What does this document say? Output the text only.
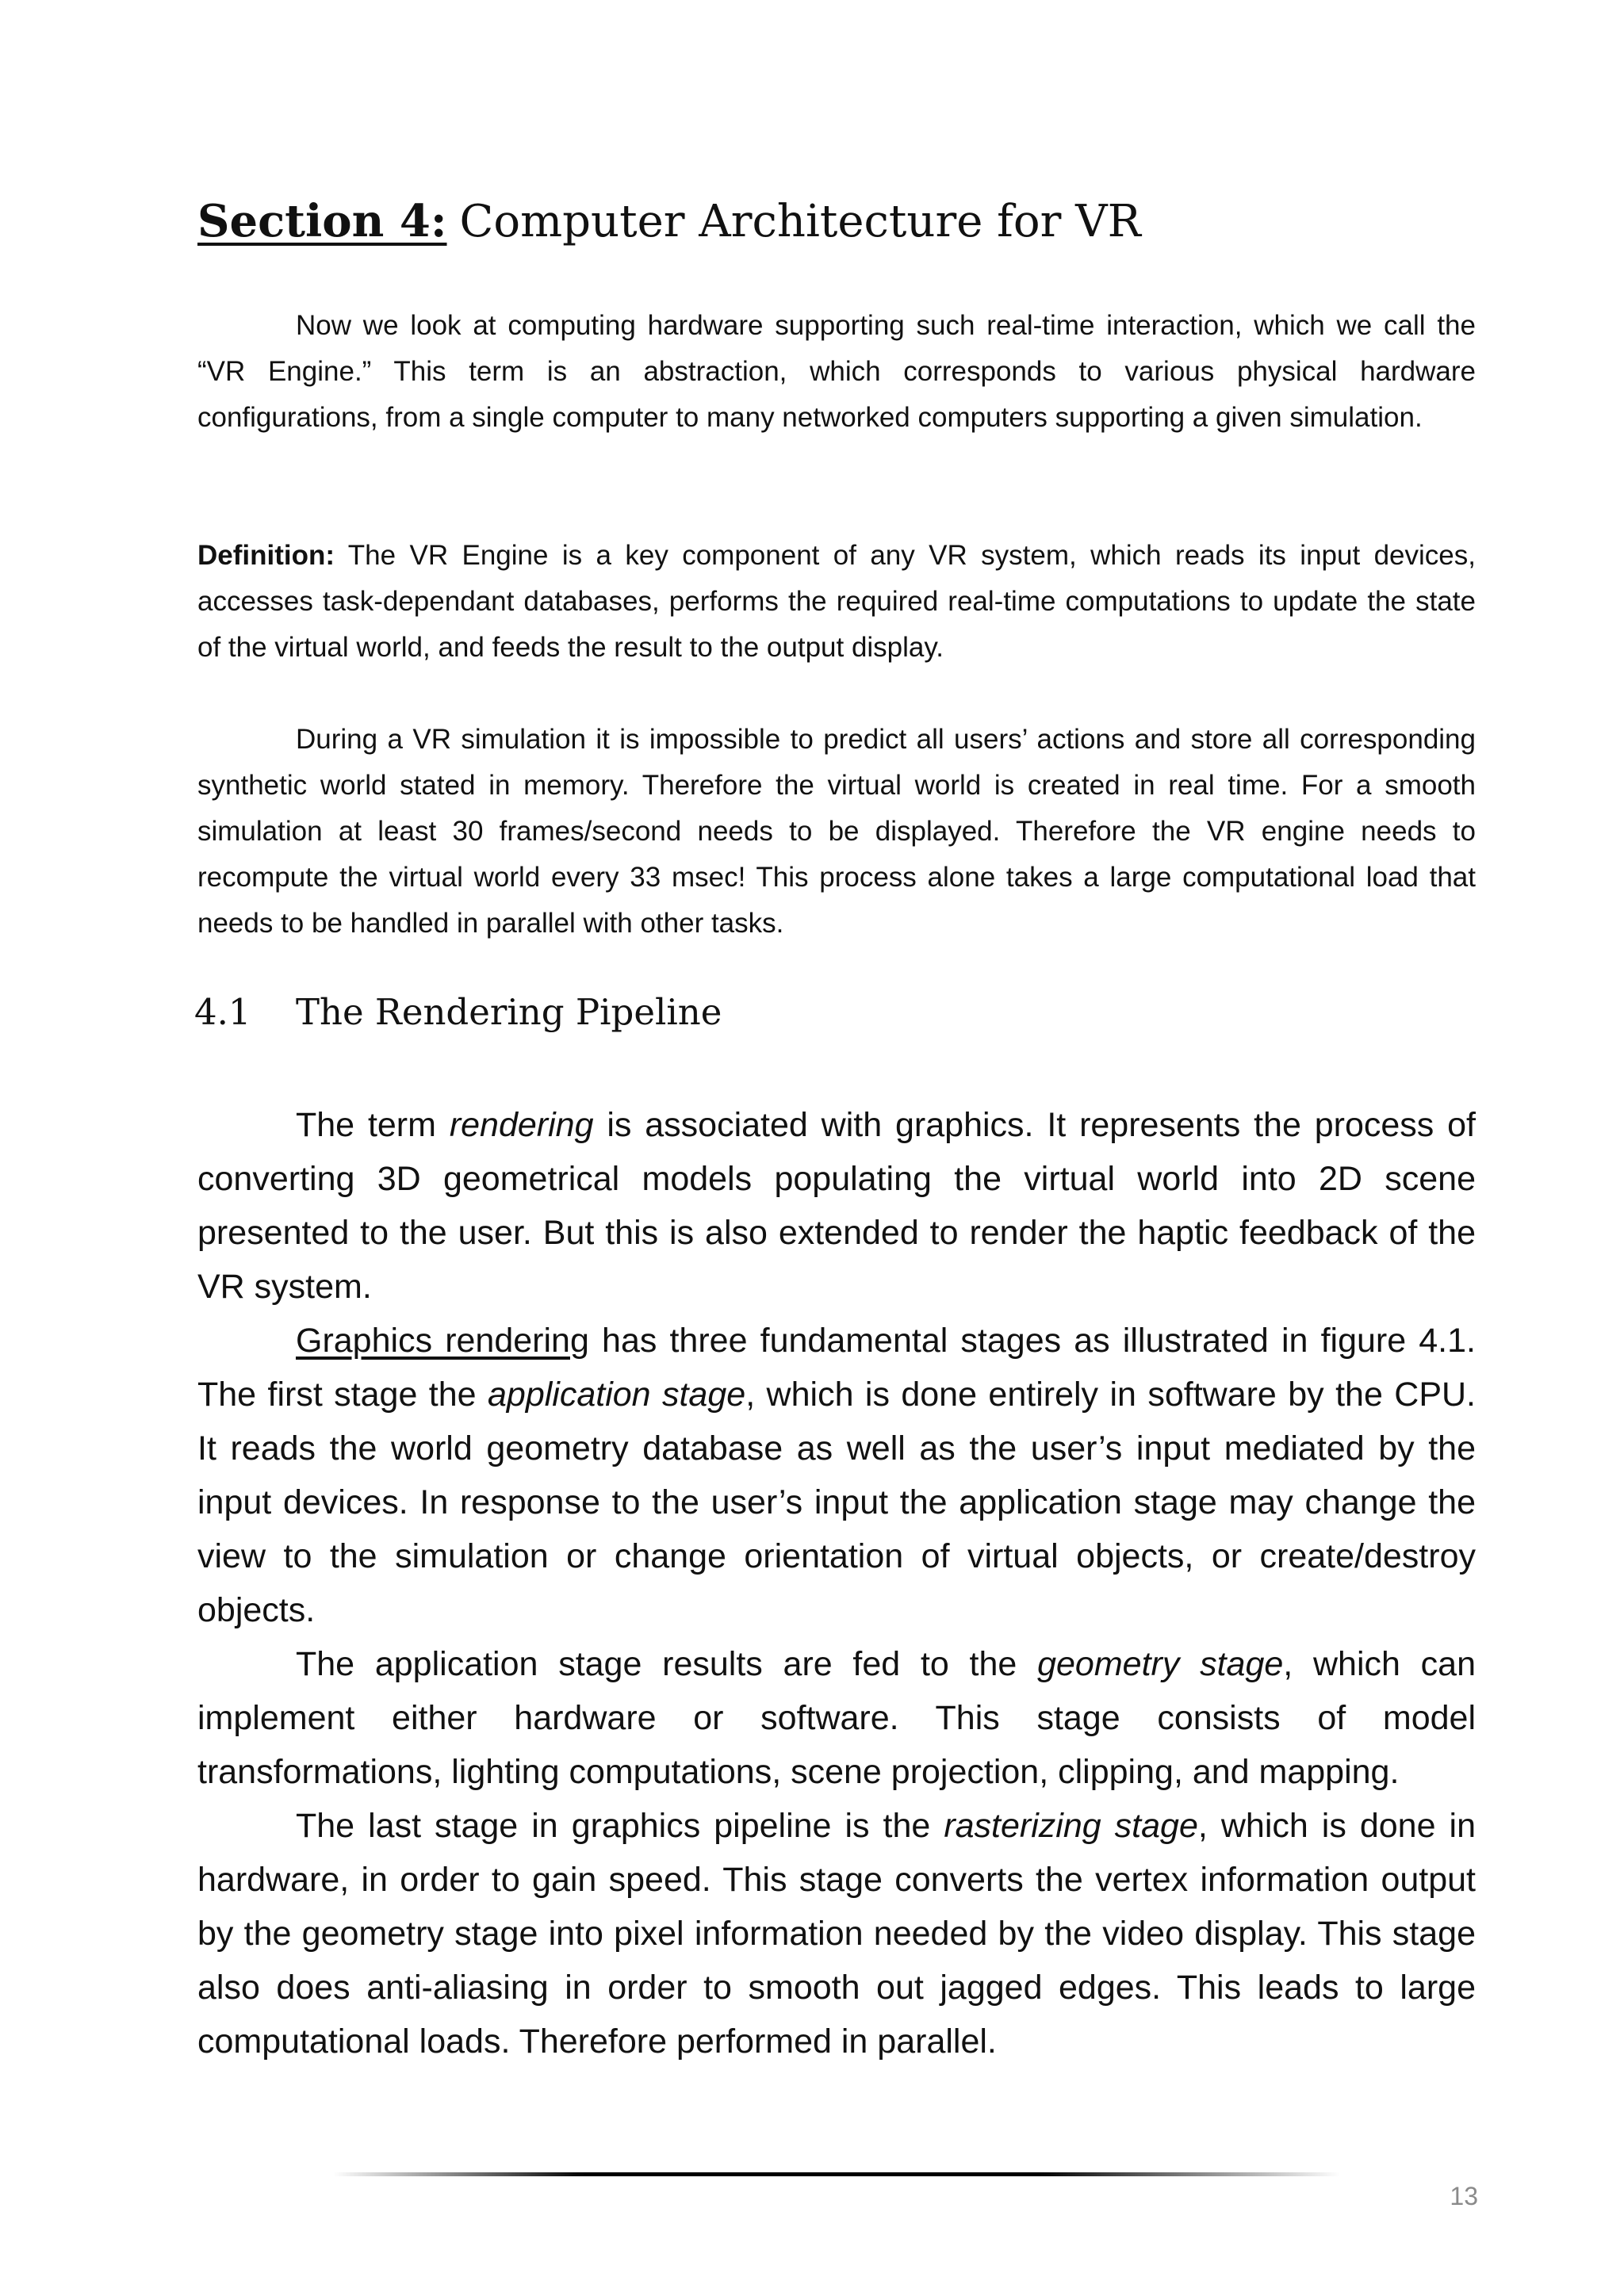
Section 4: Computer Architecture for VR

Now we look at computing hardware supporting such real-time interaction, which we call the “VR Engine.” This term is an abstraction, which corresponds to various physical hardware configurations, from a single computer to many networked computers supporting a given simulation.

Definition: The VR Engine is a key component of any VR system, which reads its input devices, accesses task-dependant databases, performs the required real-time computations to update the state of the virtual world, and feeds the result to the output display.

During a VR simulation it is impossible to predict all users’ actions and store all corresponding synthetic world stated in memory. Therefore the virtual world is created in real time. For a smooth simulation at least 30 frames/second needs to be displayed. Therefore the VR engine needs to recompute the virtual world every 33 msec! This process alone takes a large computational load that needs to be handled in parallel with other tasks.

4.1 The Rendering Pipeline

The term rendering is associated with graphics. It represents the process of converting 3D geometrical models populating the virtual world into 2D scene presented to the user. But this is also extended to render the haptic feedback of the VR system.

Graphics rendering has three fundamental stages as illustrated in figure 4.1. The first stage the application stage, which is done entirely in software by the CPU. It reads the world geometry database as well as the user’s input mediated by the input devices. In response to the user’s input the application stage may change the view to the simulation or change orientation of virtual objects, or create/destroy objects.

The application stage results are fed to the geometry stage, which can implement either hardware or software. This stage consists of model transformations, lighting computations, scene projection, clipping, and mapping.

The last stage in graphics pipeline is the rasterizing stage, which is done in hardware, in order to gain speed. This stage converts the vertex information output by the geometry stage into pixel information needed by the video display. This stage also does anti-aliasing in order to smooth out jagged edges. This leads to large computational loads. Therefore performed in parallel.

13
